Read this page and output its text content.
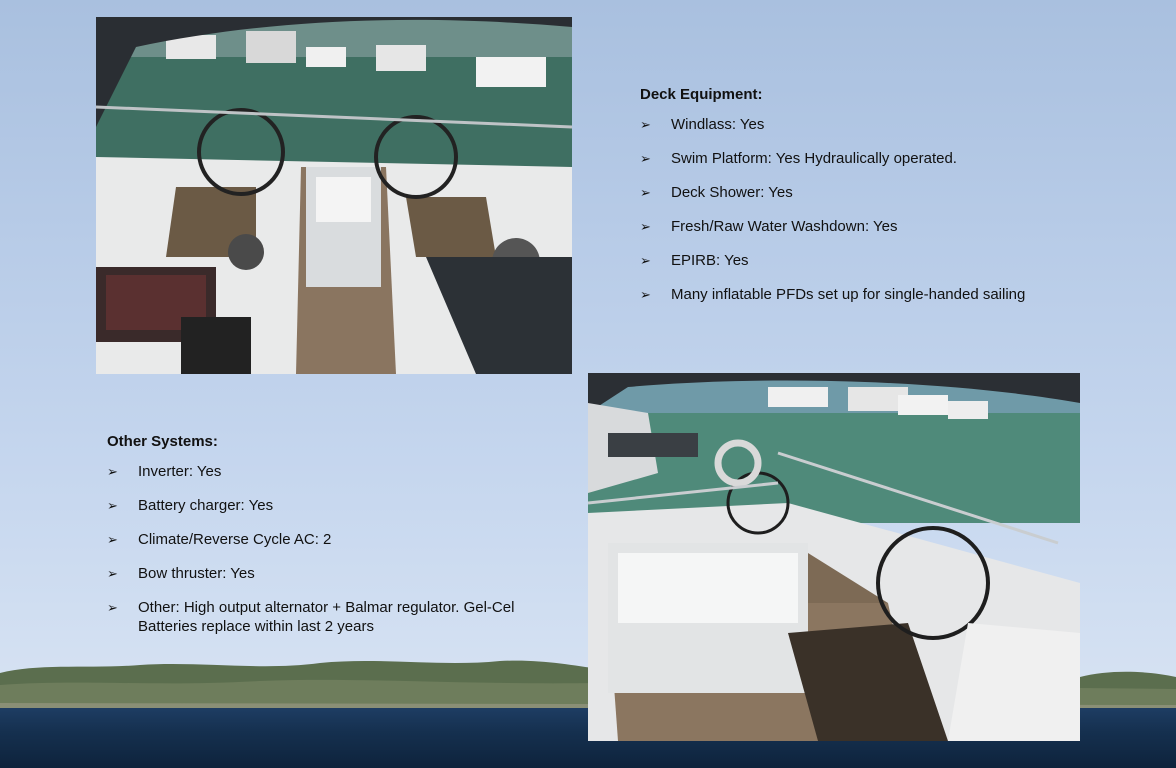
Deck Equipment:
➢ Windlass: Yes
➢ Swim Platform: Yes Hydraulically operated.
➢ Deck Shower: Yes
➢ Fresh/Raw Water Washdown: Yes
➢ EPIRB: Yes
➢ Many inflatable PFDs set up for single-handed sailing
Other Systems:
➢ Inverter: Yes
➢ Battery charger: Yes
➢ Climate/Reverse Cycle AC: 2
➢ Bow thruster: Yes
➢ Other: High output alternator + Balmar regulator. Gel-Cel Batteries replace within last 2 years
